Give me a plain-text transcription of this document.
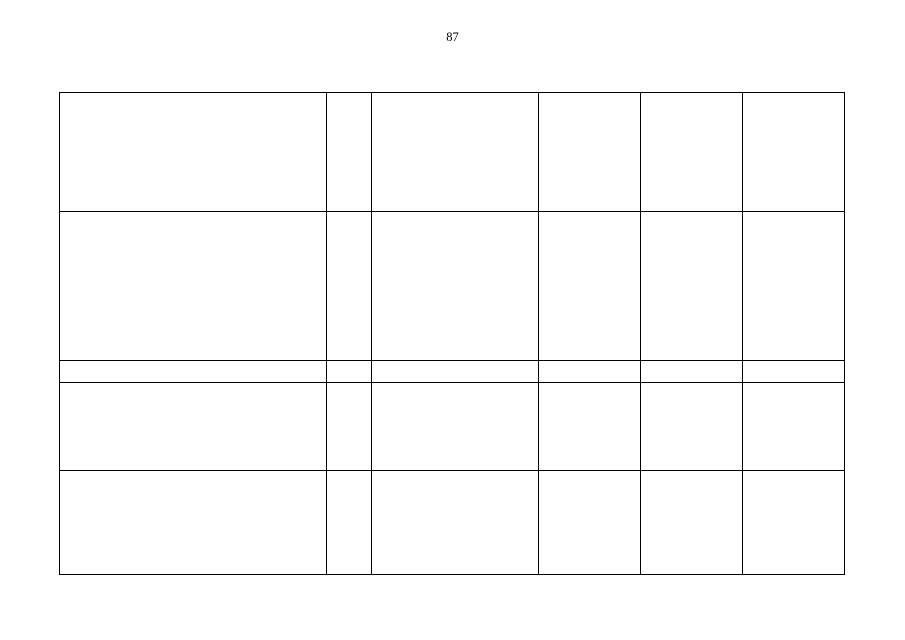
87
